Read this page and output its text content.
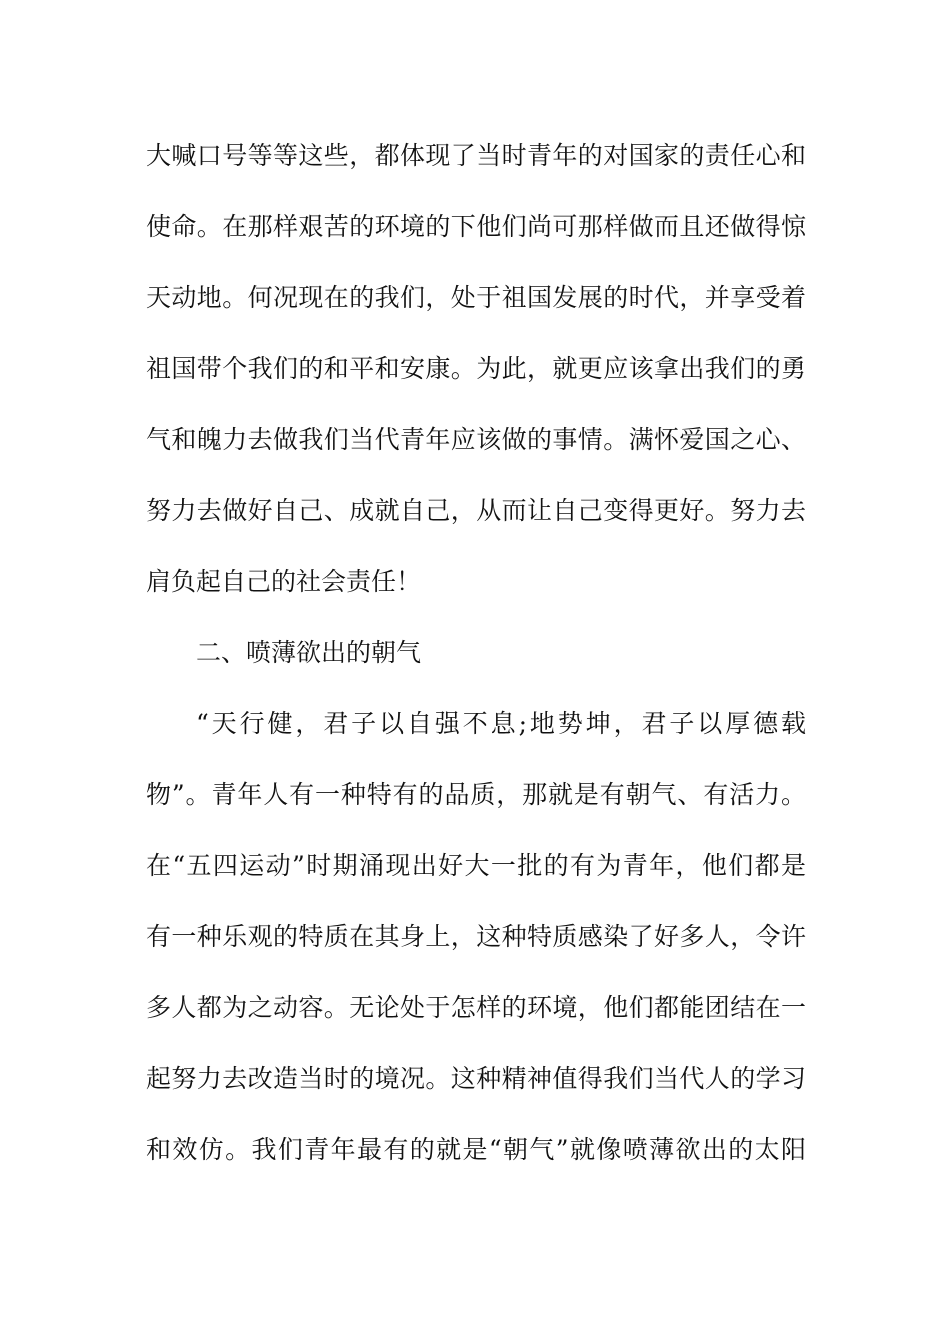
大喊口号等等这些，都体现了当时青年的对国家的责任心和
使命。在那样艰苦的环境的下他们尚可那样做而且还做得惊
天动地。何况现在的我们，处于祖国发展的时代，并享受着
祖国带个我们的和平和安康。为此，就更应该拿出我们的勇
气和魄力去做我们当代青年应该做的事情。满怀爱国之心、
努力去做好自己、成就自己，从而让自己变得更好。努力去
肩负起自己的社会责任！
二、喷薄欲出的朝气
“天行健，君子以自强不息;地势坤，君子以厚德载
物”。青年人有一种特有的品质，那就是有朝气、有活力。
在“五四运动”时期涌现出好大一批的有为青年，他们都是
有一种乐观的特质在其身上，这种特质感染了好多人，令许
多人都为之动容。无论处于怎样的环境，他们都能团结在一
起努力去改造当时的境况。这种精神值得我们当代人的学习
和效仿。我们青年最有的就是“朝气”就像喷薄欲出的太阳
